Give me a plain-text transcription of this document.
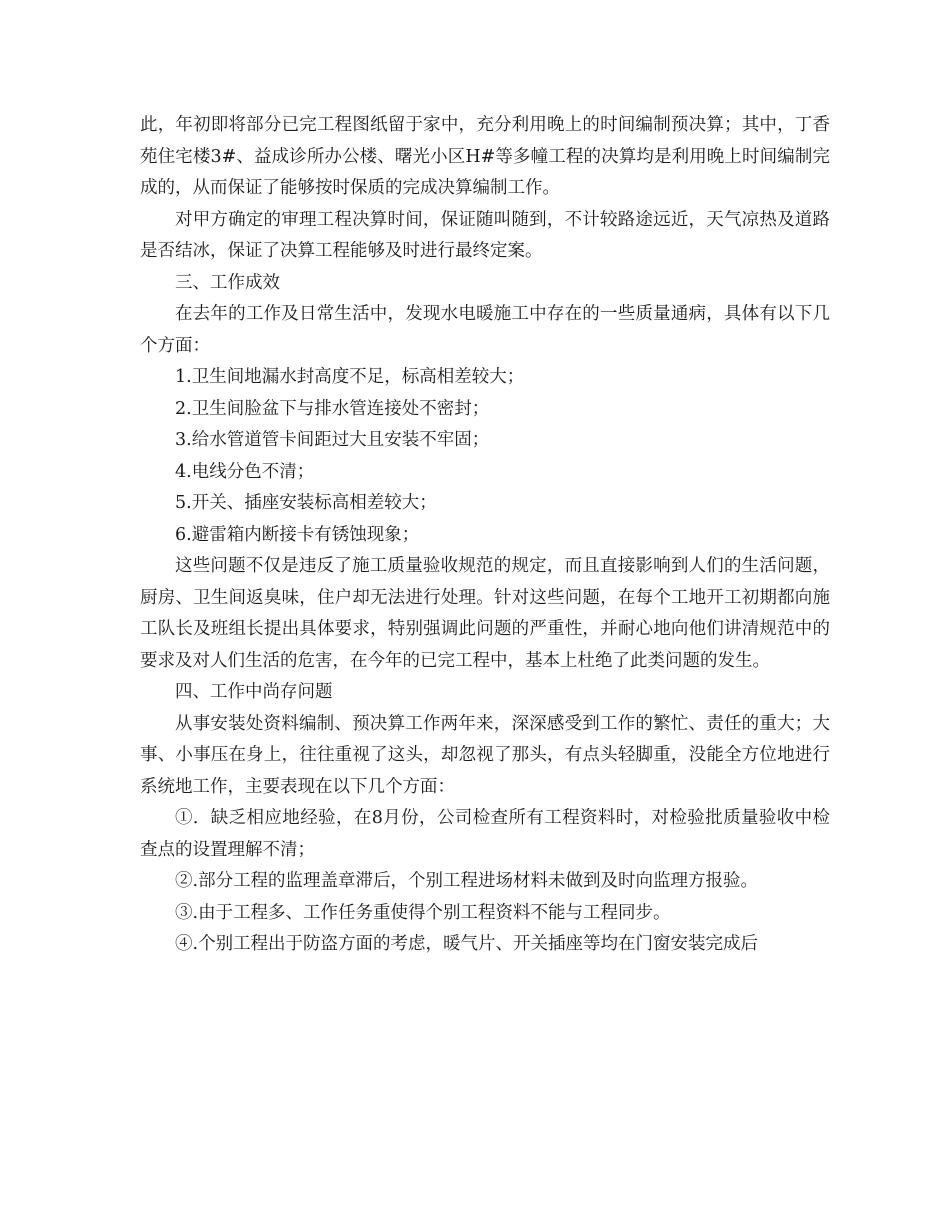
此，年初即将部分已完工程图纸留于家中，充分利用晚上的时间编制预决算；其中，丁香苑住宅楼3#、益成诊所办公楼、曙光小区H#等多幢工程的决算均是利用晚上时间编制完成的，从而保证了能够按时保质的完成决算编制工作。

对甲方确定的审理工程决算时间，保证随叫随到，不计较路途远近，天气凉热及道路是否结冰，保证了决算工程能够及时进行最终定案。

三、工作成效

在去年的工作及日常生活中，发现水电暖施工中存在的一些质量通病，具体有以下几个方面：

1.卫生间地漏水封高度不足，标高相差较大；

2.卫生间脸盆下与排水管连接处不密封；

3.给水管道管卡间距过大且安装不牢固；

4.电线分色不清；

5.开关、插座安装标高相差较大；

6.避雷箱内断接卡有锈蚀现象；

这些问题不仅是违反了施工质量验收规范的规定，而且直接影响到人们的生活问题，厨房、卫生间返臭味，住户却无法进行处理。针对这些问题，在每个工地开工初期都向施工队长及班组长提出具体要求，特别强调此问题的严重性，并耐心地向他们讲清规范中的要求及对人们生活的危害，在今年的已完工程中，基本上杜绝了此类问题的发生。

四、工作中尚存问题

从事安装处资料编制、预决算工作两年来，深深感受到工作的繁忙、责任的重大；大事、小事压在身上，往往重视了这头，却忽视了那头，有点头轻脚重，没能全方位地进行系统地工作，主要表现在以下几个方面：

①．缺乏相应地经验，在8月份，公司检查所有工程资料时，对检验批质量验收中检查点的设置理解不清；

②.部分工程的监理盖章滞后，个别工程进场材料未做到及时向监理方报验。

③.由于工程多、工作任务重使得个别工程资料不能与工程同步。

④.个别工程出于防盗方面的考虑，暖气片、开关插座等均在门窗安装完成后
